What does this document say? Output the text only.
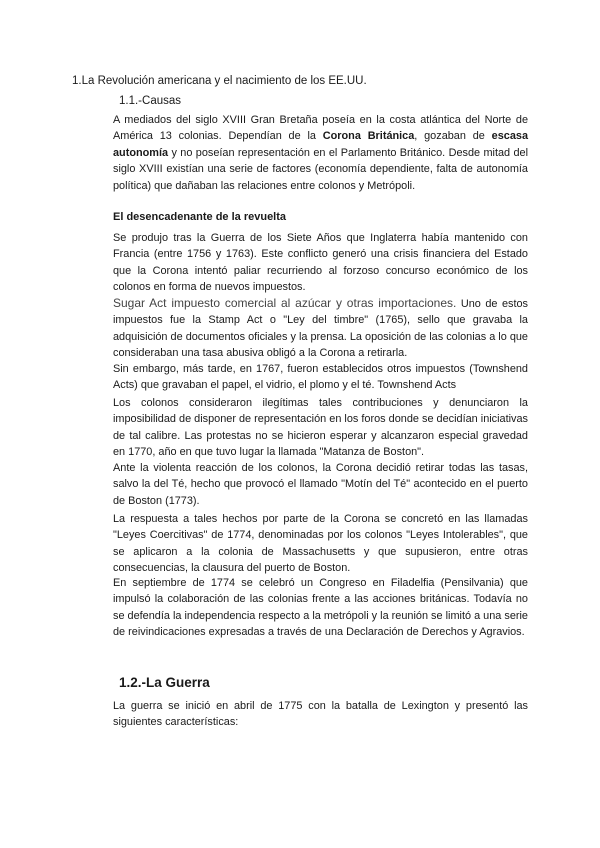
1.La Revolución americana y el nacimiento de los EE.UU.
1.1.-Causas

A mediados del siglo XVIII Gran Bretaña poseía en la costa atlántica del Norte de América 13 colonias. Dependían de la Corona Británica, gozaban de escasa autonomía y no poseían representación en el Parlamento Británico. Desde mitad del siglo XVIII existían una serie de factores (economía dependiente, falta de autonomía política) que dañaban las relaciones entre colonos y Metrópoli.

El desencadenante de la revuelta

Se produjo tras la Guerra de los Siete Años que Inglaterra había mantenido con Francia (entre 1756 y 1763). Este conflicto generó una crisis financiera del Estado que la Corona intentó paliar recurriendo al forzoso concurso económico de los colonos en forma de nuevos impuestos.

Sugar Act impuesto comercial al azúcar y otras importaciones. Uno de estos impuestos fue la Stamp Act o "Ley del timbre" (1765), sello que gravaba la adquisición de documentos oficiales y la prensa. La oposición de las colonias a lo que consideraban una tasa abusiva obligó a la Corona a retirarla.

Sin embargo, más tarde, en 1767, fueron establecidos otros impuestos (Townshend Acts) que gravaban el papel, el vidrio, el plomo y el té. Townshend Acts

Los colonos consideraron ilegítimas tales contribuciones y denunciaron la imposibilidad de disponer de representación en los foros donde se decidían iniciativas de tal calibre. Las protestas no se hicieron esperar y alcanzaron especial gravedad en 1770, año en que tuvo lugar la llamada "Matanza de Boston".

Ante la violenta reacción de los colonos, la Corona decidió retirar todas las tasas, salvo la del Té, hecho que provocó el llamado "Motín del Té" acontecido en el puerto de Boston (1773).

La respuesta a tales hechos por parte de la Corona se concretó en las llamadas "Leyes Coercitivas" de 1774, denominadas por los colonos "Leyes Intolerables", que se aplicaron a la colonia de Massachusetts y que supusieron, entre otras consecuencias, la clausura del puerto de Boston.

En septiembre de 1774 se celebró un Congreso en Filadelfia (Pensilvania) que impulsó la colaboración de las colonias frente a las acciones británicas. Todavía no se defendía la independencia respecto a la metrópoli y la reunión se limitó a una serie de reivindicaciones expresadas a través de una Declaración de Derechos y Agravios.

1.2.-La Guerra

La guerra se inició en abril de 1775 con la batalla de Lexington y presentó las siguientes características:
